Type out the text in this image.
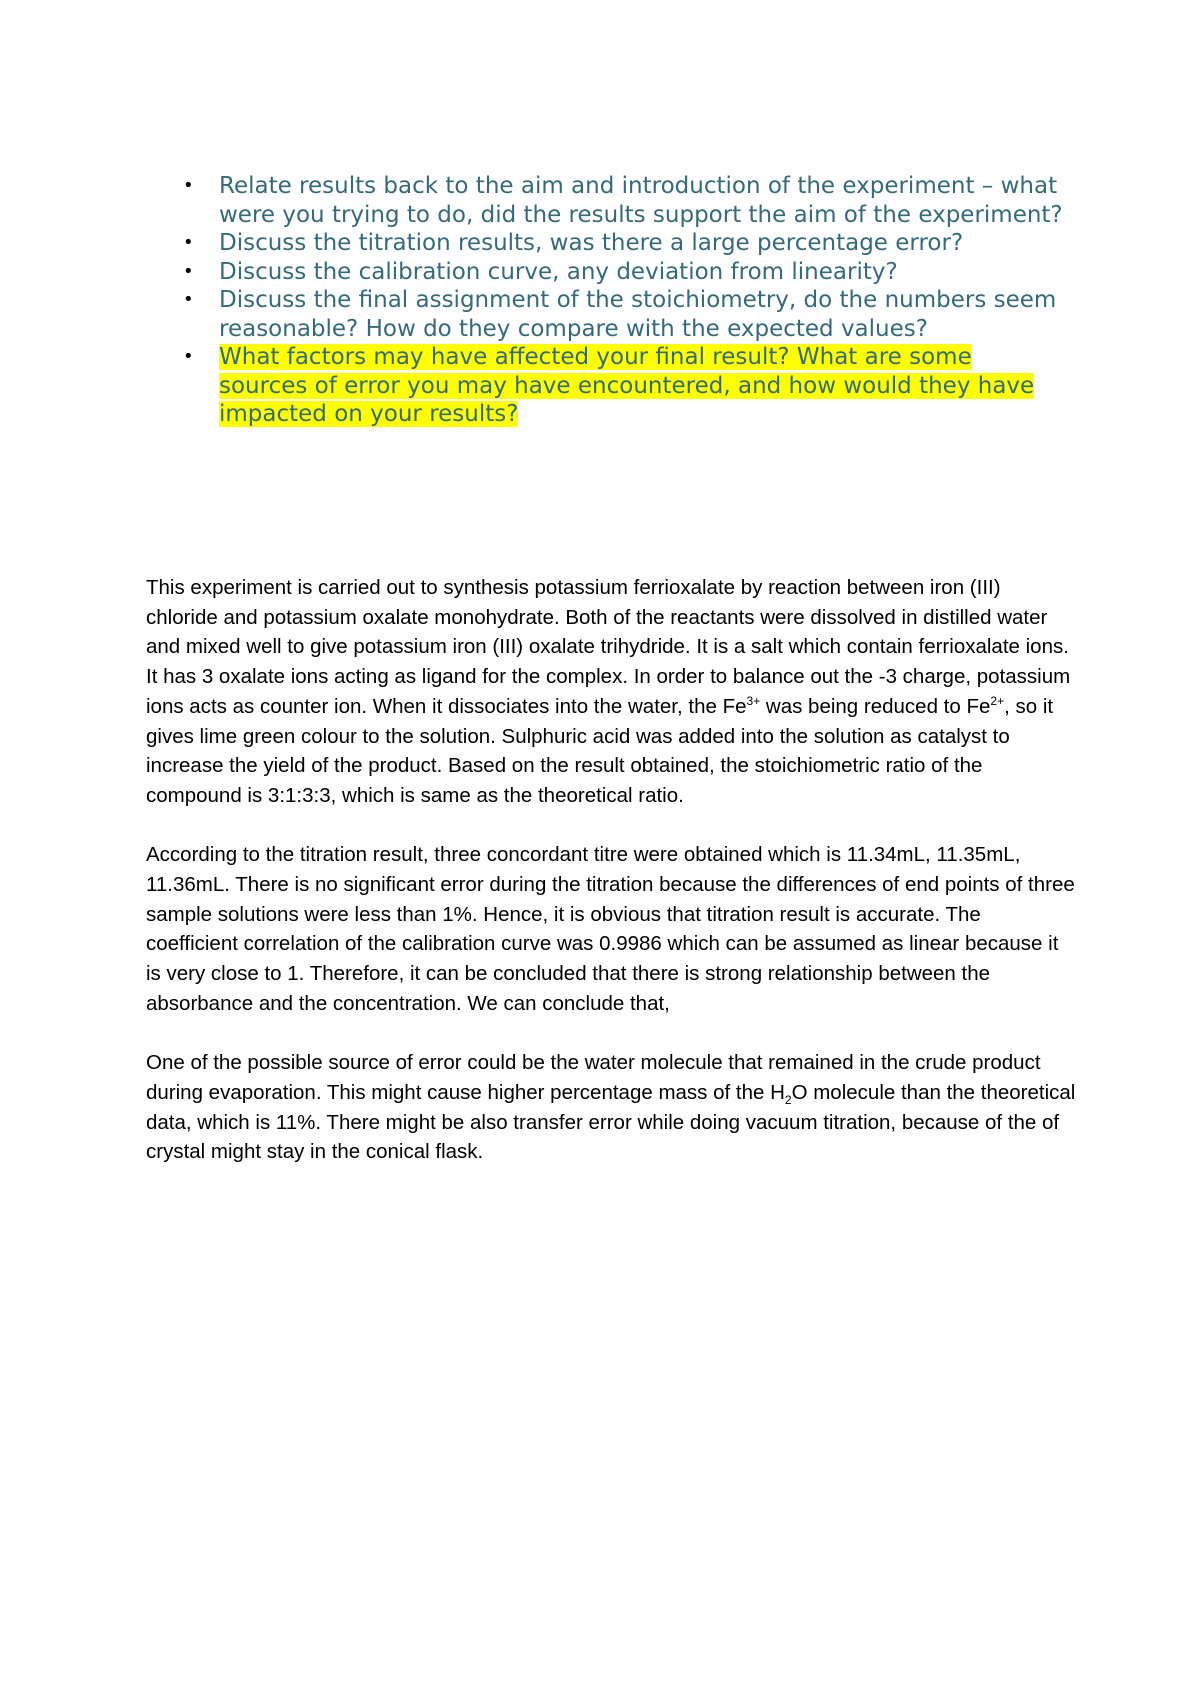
• Relate results back to the aim and introduction of the experiment – what were you trying to do, did the results support the aim of the experiment?
• Discuss the titration results, was there a large percentage error?
• Discuss the calibration curve, any deviation from linearity?
• Discuss the final assignment of the stoichiometry, do the numbers seem reasonable? How do they compare with the expected values?
• What factors may have affected your final result? What are some sources of error you may have encountered, and how would they have impacted on your results?

This experiment is carried out to synthesis potassium ferrioxalate by reaction between iron (III) chloride and potassium oxalate monohydrate. Both of the reactants were dissolved in distilled water and mixed well to give potassium iron (III) oxalate trihydride. It is a salt which contain ferrioxalate ions. It has 3 oxalate ions acting as ligand for the complex. In order to balance out the -3 charge, potassium ions acts as counter ion. When it dissociates into the water, the $Fe^{3+}$ was being reduced to $Fe^{2+}$, so it gives lime green colour to the solution. Sulphuric acid was added into the solution as catalyst to increase the yield of the product. Based on the result obtained, the stoichiometric ratio of the compound is 3:1:3:3, which is same as the theoretical ratio.

According to the titration result, three concordant titre were obtained which is 11.34mL, 11.35mL, 11.36mL. There is no significant error during the titration because the differences of end points of three sample solutions were less than 1%. Hence, it is obvious that titration result is accurate. The coefficient correlation of the calibration curve was 0.9986 which can be assumed as linear because it is very close to 1. Therefore, it can be concluded that there is strong relationship between the absorbance and the concentration. We can conclude that,

One of the possible source of error could be the water molecule that remained in the crude product during evaporation. This might cause higher percentage mass of the $H_2O$ molecule than the theoretical data, which is 11%. There might be also transfer error while doing vacuum titration, because of the of crystal might stay in the conical flask.
